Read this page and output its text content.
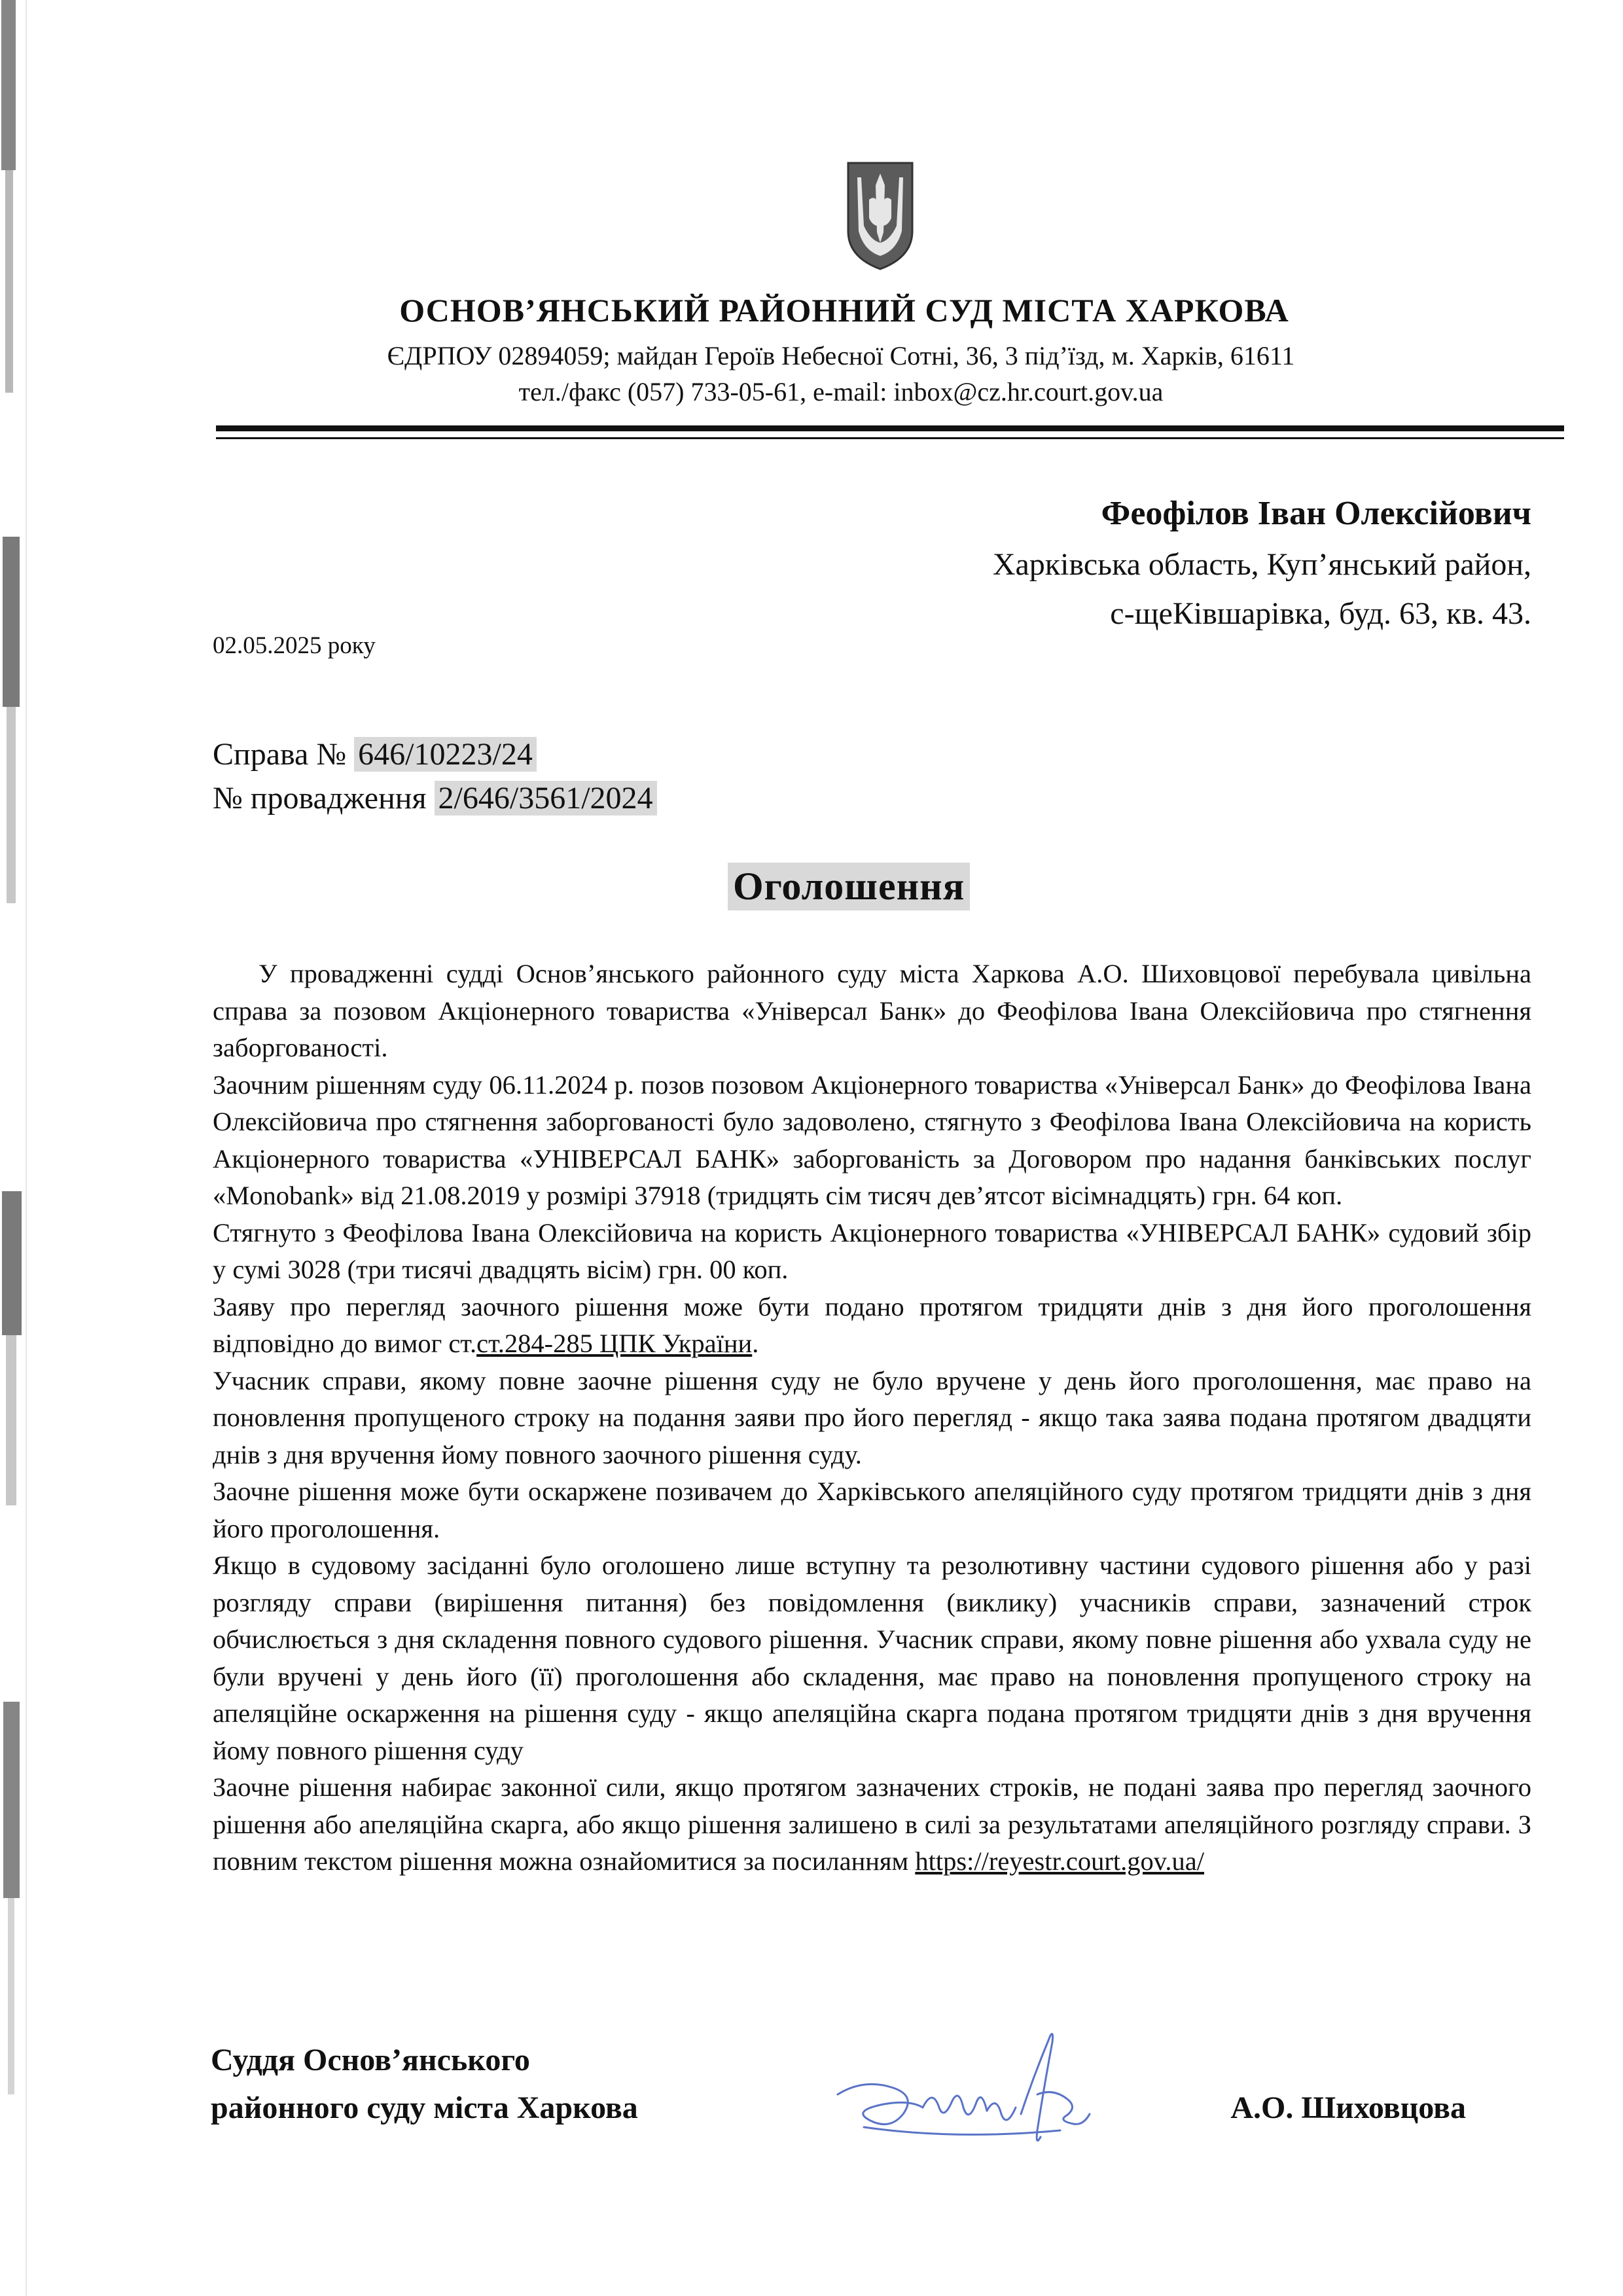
ОСНОВ’ЯНСЬКИЙ РАЙОННИЙ СУД МІСТА ХАРКОВА
ЄДРПОУ 02894059; майдан Героїв Небесної Сотні, 36, 3 під’їзд, м. Харків, 61611
тел./факс (057) 733-05-61, e-mail: inbox@cz.hr.court.gov.ua
Феофілов Іван Олексійович
Харківська область, Куп’янський район,
с-щеКівшарівка, буд. 63, кв. 43.
02.05.2025 року
Справа № 646/10223/24
№ провадження 2/646/3561/2024
Оголошення

У провадженні судді Основ’янського районного суду міста Харкова А.О. Шиховцової перебувала цивільна справа за позовом Акціонерного товариства «Універсал Банк» до Феофілова Івана Олексійовича про стягнення заборгованості.

Заочним рішенням суду 06.11.2024 р. позов позовом Акціонерного товариства «Універсал Банк» до Феофілова Івана Олексійовича про стягнення заборгованості було задоволено, стягнуто з Феофілова Івана Олексійовича на користь Акціонерного товариства «УНІВЕРСАЛ БАНК» заборгованість за Договором про надання банківських послуг «Monobank» від 21.08.2019 у розмірі 37918 (тридцять сім тисяч дев’ятсот вісімнадцять) грн. 64 коп.

Стягнуто з Феофілова Івана Олексійовича на користь Акціонерного товариства «УНІВЕРСАЛ БАНК» судовий збір у сумі 3028 (три тисячі двадцять вісім) грн. 00 коп.

Заяву про перегляд заочного рішення може бути подано протягом тридцяти днів з дня його проголошення відповідно до вимог ст.ст.284-285 ЦПК України.

Учасник справи, якому повне заочне рішення суду не було вручене у день його проголошення, має право на поновлення пропущеного строку на подання заяви про його перегляд - якщо така заява подана протягом двадцяти днів з дня вручення йому повного заочного рішення суду.

Заочне рішення може бути оскаржене позивачем до Харківського апеляційного суду протягом тридцяти днів з дня його проголошення.

Якщо в судовому засіданні було оголошено лише вступну та резолютивну частини судового рішення або у разі розгляду справи (вирішення питання) без повідомлення (виклику) учасників справи, зазначений строк обчислюється з дня складення повного судового рішення. Учасник справи, якому повне рішення або ухвала суду не були вручені у день його (її) проголошення або складення, має право на поновлення пропущеного строку на апеляційне оскарження на рішення суду - якщо апеляційна скарга подана протягом тридцяти днів з дня вручення йому повного рішення суду

Заочне рішення набирає законної сили, якщо протягом зазначених строків, не подані заява про перегляд заочного рішення або апеляційна скарга, або якщо рішення залишено в силі за результатами апеляційного розгляду справи. З повним текстом рішення можна ознайомитися за посиланням https://reyestr.court.gov.ua/

Суддя Основ’янського
районного суду міста Харкова	А.О. Шиховцова
